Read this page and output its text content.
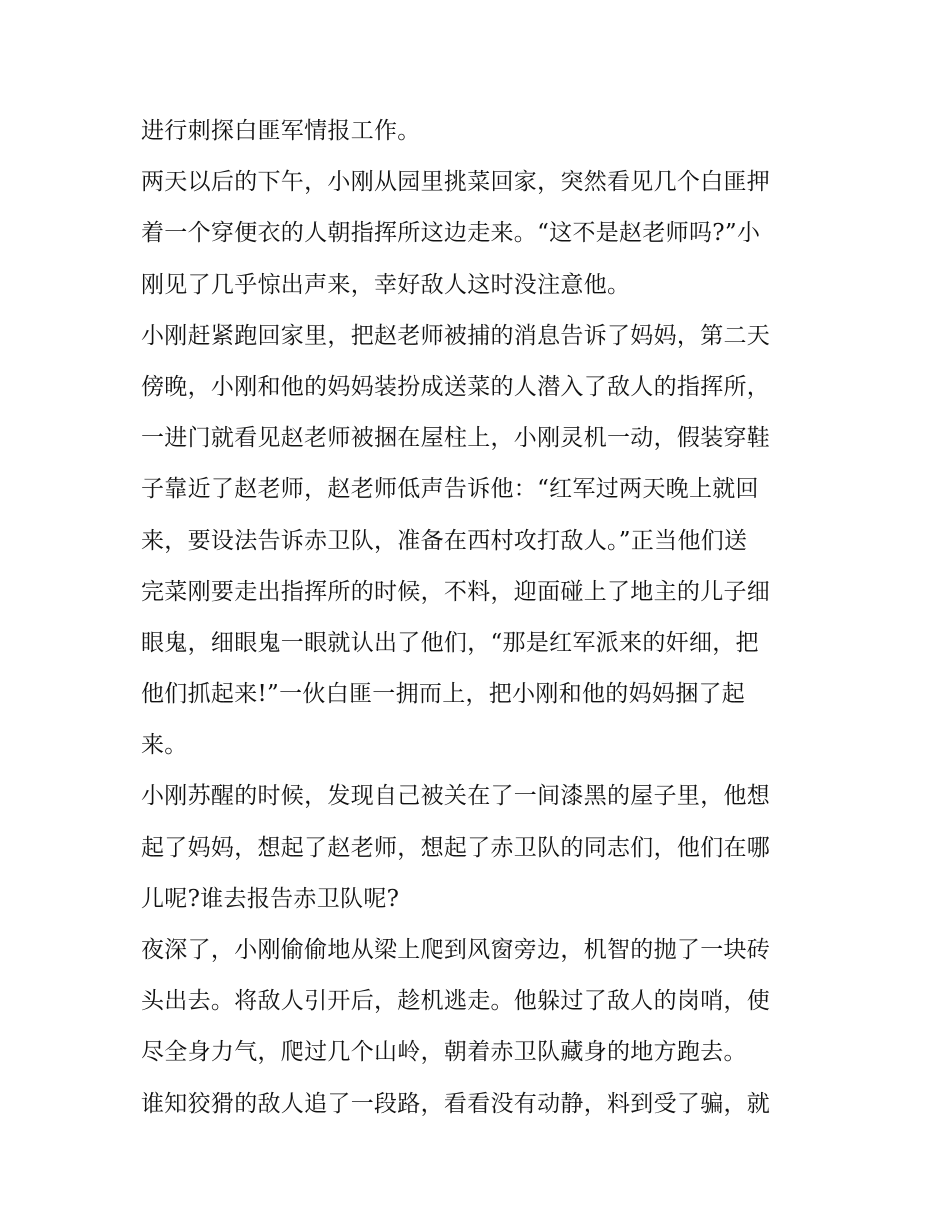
进行刺探白匪军情报工作。
两天以后的下午，小刚从园里挑菜回家，突然看见几个白匪押
着一个穿便衣的人朝指挥所这边走来。“这不是赵老师吗?”小
刚见了几乎惊出声来，幸好敌人这时没注意他。
小刚赶紧跑回家里，把赵老师被捕的消息告诉了妈妈，第二天
傍晚，小刚和他的妈妈装扮成送菜的人潜入了敌人的指挥所，
一进门就看见赵老师被捆在屋柱上，小刚灵机一动，假装穿鞋
子靠近了赵老师，赵老师低声告诉他：“红军过两天晚上就回
来，要设法告诉赤卫队，准备在西村攻打敌人。”正当他们送
完菜刚要走出指挥所的时候，不料，迎面碰上了地主的儿子细
眼鬼，细眼鬼一眼就认出了他们，“那是红军派来的奸细，把
他们抓起来!”一伙白匪一拥而上，把小刚和他的妈妈捆了起
来。
小刚苏醒的时候，发现自己被关在了一间漆黑的屋子里，他想
起了妈妈，想起了赵老师，想起了赤卫队的同志们，他们在哪
儿呢?谁去报告赤卫队呢?
夜深了，小刚偷偷地从梁上爬到风窗旁边，机智的抛了一块砖
头出去。将敌人引开后，趁机逃走。他躲过了敌人的岗哨，使
尽全身力气，爬过几个山岭，朝着赤卫队藏身的地方跑去。
谁知狡猾的敌人追了一段路，看看没有动静，料到受了骗，就
